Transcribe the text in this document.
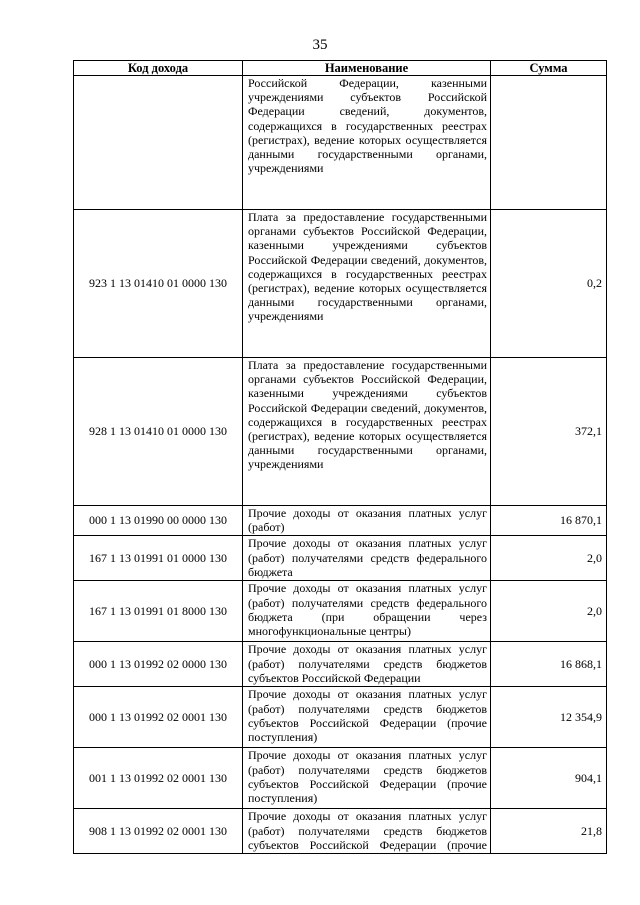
35
Код дохода	Наименование	Сумма

	Российской Федерации, казенными учреждениями субъектов Российской Федерации сведений, документов, содержащихся в государственных реестрах (регистрах), ведение которых осуществляется данными государственными органами, учреждениями	

923 1 13 01410 01 0000 130	Плата за предоставление государственными органами субъектов Российской Федерации, казенными учреждениями субъектов Российской Федерации сведений, документов, содержащихся в государственных реестрах (регистрах), ведение которых осуществляется данными государственными органами, учреждениями	0,2
928 1 13 01410 01 0000 130	Плата за предоставление государственными органами субъектов Российской Федерации, казенными учреждениями субъектов Российской Федерации сведений, документов, содержащихся в государственных реестрах (регистрах), ведение которых осуществляется данными государственными органами, учреждениями	372,1
000 1 13 01990 00 0000 130	Прочие доходы от оказания платных услуг (работ)	16 870,1
167 1 13 01991 01 0000 130	Прочие доходы от оказания платных услуг (работ) получателями средств федерального бюджета	2,0
167 1 13 01991 01 8000 130	Прочие доходы от оказания платных услуг (работ) получателями средств федерального бюджета (при обращении через многофункциональные центры)	2,0
000 1 13 01992 02 0000 130	Прочие доходы от оказания платных услуг (работ) получателями средств бюджетов субъектов Российской Федерации	16 868,1
000 1 13 01992 02 0001 130	Прочие доходы от оказания платных услуг (работ) получателями средств бюджетов субъектов Российской Федерации (прочие поступления)	12 354,9
001 1 13 01992 02 0001 130	Прочие доходы от оказания платных услуг (работ) получателями средств бюджетов субъектов Российской Федерации (прочие поступления)	904,1
908 1 13 01992 02 0001 130	Прочие доходы от оказания платных услуг (работ) получателями средств бюджетов субъектов Российской Федерации (прочие	21,8
